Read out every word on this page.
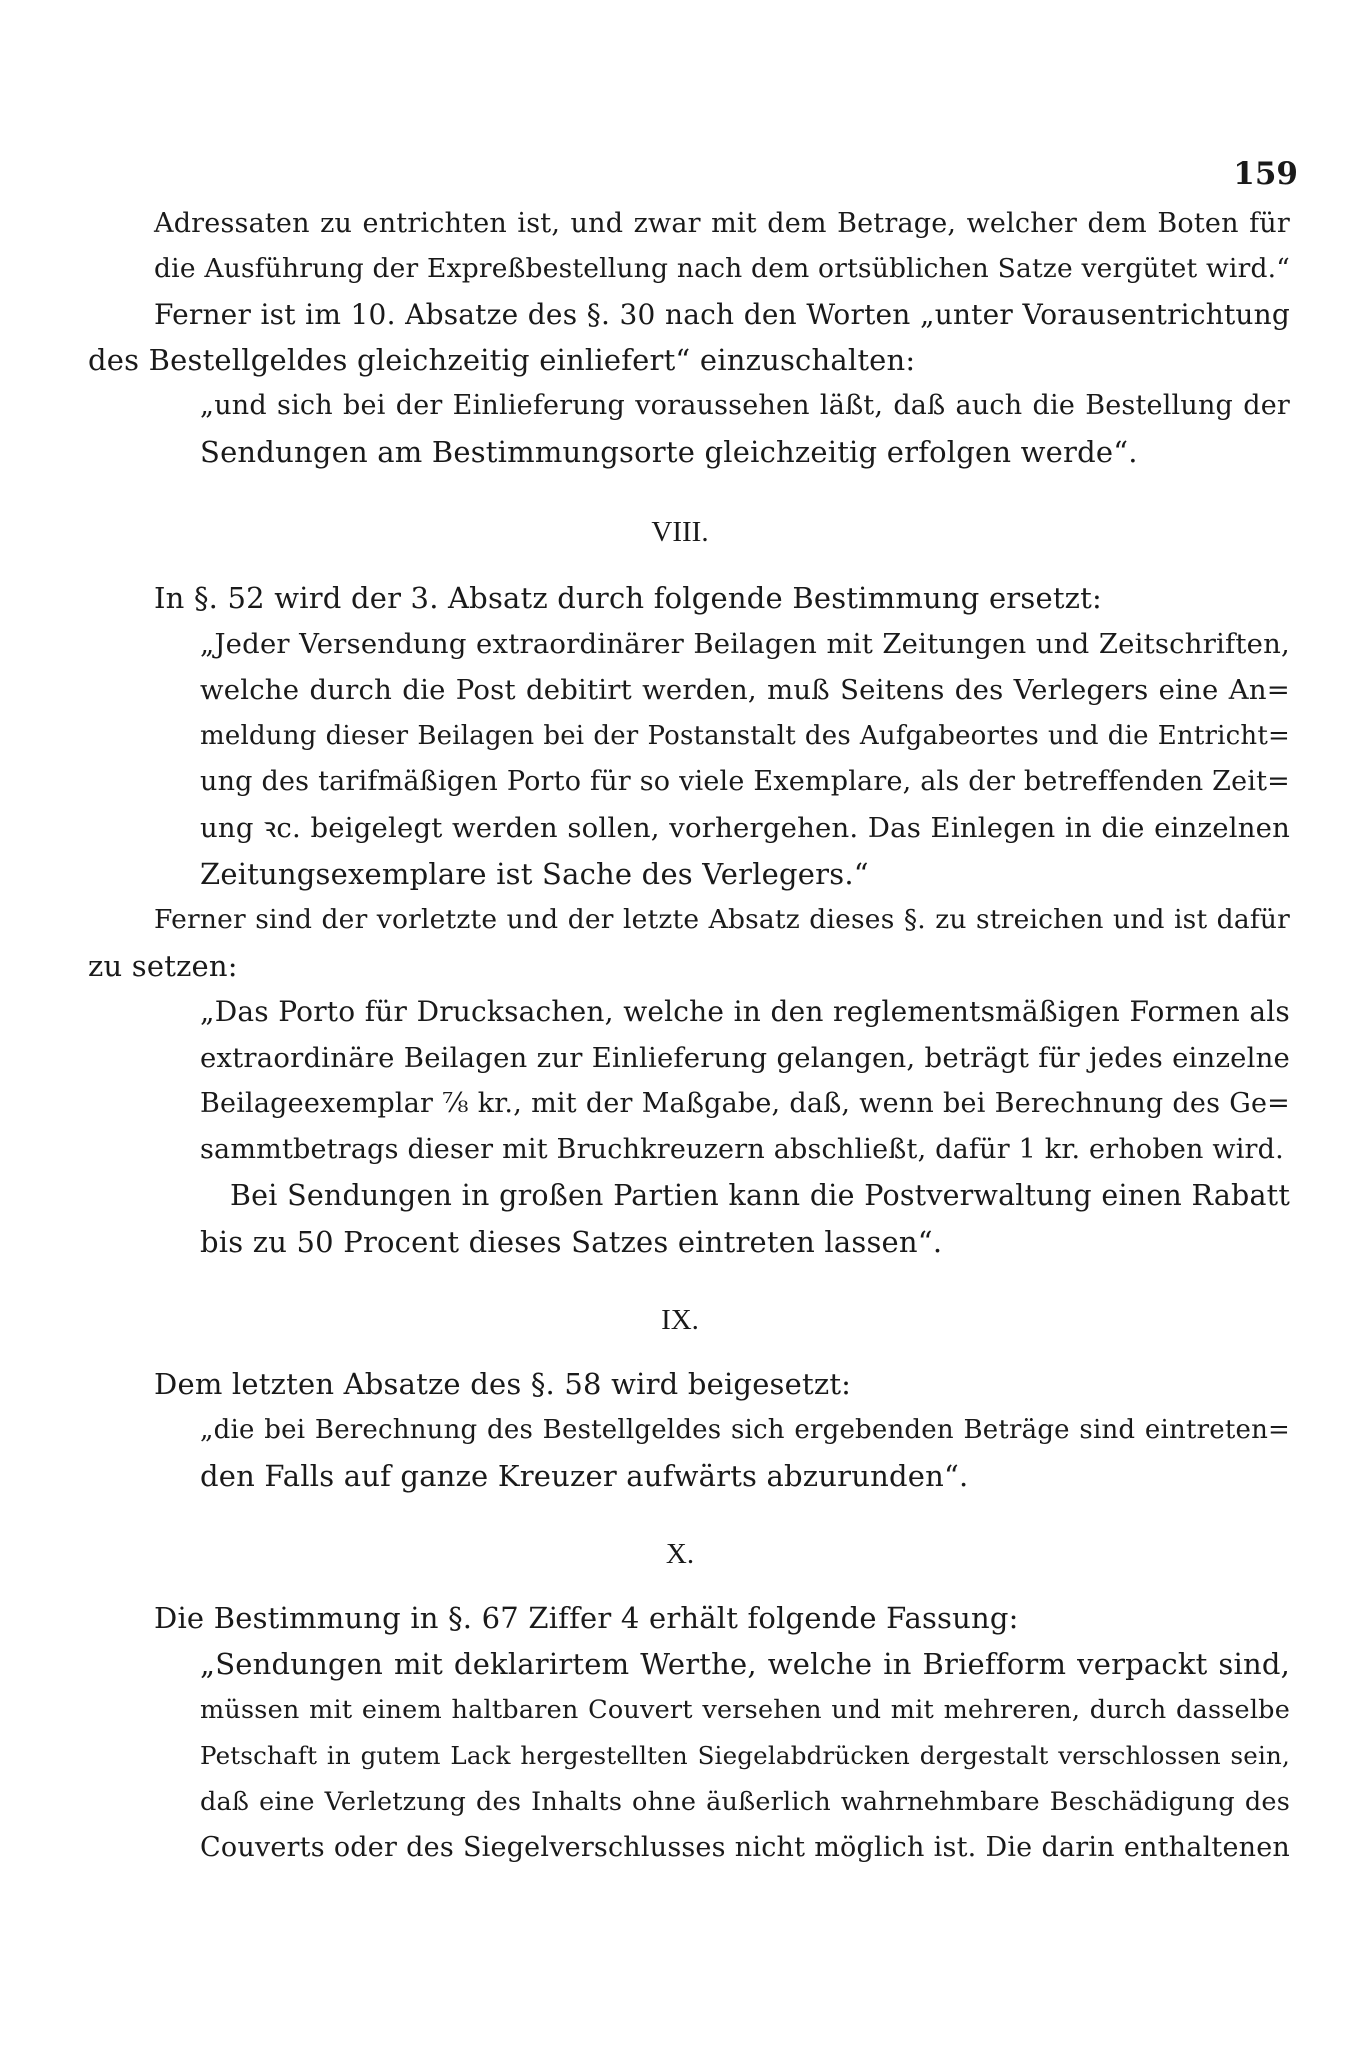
159
Adressaten zu entrichten ist, und zwar mit dem Betrage, welcher dem Boten für
die Ausführung der Expreßbestellung nach dem ortsüblichen Satze vergütet wird.“
Ferner ist im 10. Absatze des §. 30 nach den Worten „unter Vorausentrichtung
des Bestellgeldes gleichzeitig einliefert“ einzuschalten:
„und sich bei der Einlieferung voraussehen läßt, daß auch die Bestellung der
Sendungen am Bestimmungsorte gleichzeitig erfolgen werde“.
VIII.
In §. 52 wird der 3. Absatz durch folgende Bestimmung ersetzt:
„Jeder Versendung extraordinärer Beilagen mit Zeitungen und Zeitschriften,
welche durch die Post debitirt werden, muß Seitens des Verlegers eine An=
meldung dieser Beilagen bei der Postanstalt des Aufgabeortes und die Entricht=
ung des tarifmäßigen Porto für so viele Exemplare, als der betreffenden Zeit=
ung ꝛc. beigelegt werden sollen, vorhergehen. Das Einlegen in die einzelnen
Zeitungsexemplare ist Sache des Verlegers.“
Ferner sind der vorletzte und der letzte Absatz dieses §. zu streichen und ist dafür
zu setzen:
„Das Porto für Drucksachen, welche in den reglementsmäßigen Formen als
extraordinäre Beilagen zur Einlieferung gelangen, beträgt für jedes einzelne
Beilageexemplar ⅞ kr., mit der Maßgabe, daß, wenn bei Berechnung des Ge=
sammtbetrags dieser mit Bruchkreuzern abschließt, dafür 1 kr. erhoben wird.
Bei Sendungen in großen Partien kann die Postverwaltung einen Rabatt
bis zu 50 Procent dieses Satzes eintreten lassen“.
IX.
Dem letzten Absatze des §. 58 wird beigesetzt:
„die bei Berechnung des Bestellgeldes sich ergebenden Beträge sind eintreten=
den Falls auf ganze Kreuzer aufwärts abzurunden“.
X.
Die Bestimmung in §. 67 Ziffer 4 erhält folgende Fassung:
„Sendungen mit deklarirtem Werthe, welche in Briefform verpackt sind,
müssen mit einem haltbaren Couvert versehen und mit mehreren, durch dasselbe
Petschaft in gutem Lack hergestellten Siegelabdrücken dergestalt verschlossen sein,
daß eine Verletzung des Inhalts ohne äußerlich wahrnehmbare Beschädigung des
Couverts oder des Siegelverschlusses nicht möglich ist. Die darin enthaltenen
